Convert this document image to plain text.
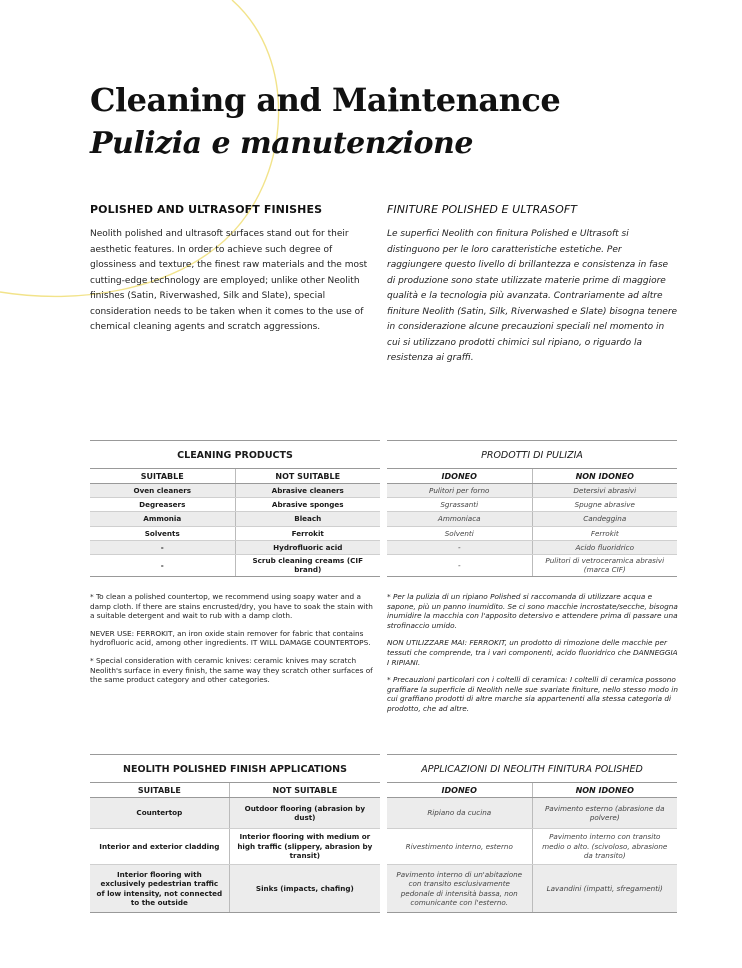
Cleaning and Maintenance
Pulizia e manutenzione
POLISHED AND ULTRASOFT FINISHES	FINITURE POLISHED E ULTRASOFT

Neolith polished and ultrasoft surfaces stand out for their aesthetic features. In order to achieve such degree of glossiness and texture, the finest raw materials and the most cutting-edge technology are employed; unlike other Neolith finishes (Satin, Riverwashed, Silk and Slate), special consideration needs to be taken when it comes to the use of chemical cleaning agents and scratch aggressions.

Le superfici Neolith con finitura Polished e Ultrasoft si distinguono per le loro caratteristiche estetiche. Per raggiungere questo livello di brillantezza e consistenza in fase di produzione sono state utilizzate materie prime di maggiore qualità e la tecnologia più avanzata. Contrariamente ad altre finiture Neolith (Satin, Silk, Riverwashed e Slate) bisogna tenere in considerazione alcune precauzioni speciali nel momento in cui si utilizzano prodotti chimici sul ripiano, o riguardo la resistenza ai graffi.

CLEANING PRODUCTS	
SUITABLE	NOT SUITABLE
Oven cleaners	Abrasive cleaners
Degreasers	Abrasive sponges
Ammonia	Bleach
Solvents	Ferrokit
-	Hydrofluoric acid
-	Scrub cleaning creams (CIF brand)
PRODOTTI DI PULIZIA	
IDONEO	NON IDONEO
Pulitori per forno	Detersivi abrasivi
Sgrassanti	Spugne abrasive
Ammoniaca	Candeggina
Solventi	Ferrokit
-	Acido fluoridrico
-	Pulitori di vetroceramica abrasivi (marca CIF)

* To clean a polished countertop, we recommend using soapy water and a damp cloth. If there are stains encrusted/dry, you have to soak the stain with a suitable detergent and wait to rub with a damp cloth.

NEVER USE: FERROKIT, an iron oxide stain remover for fabric that contains hydrofluoric acid, among other ingredients. IT WILL DAMAGE COUNTERTOPS.

* Special consideration with ceramic knives: ceramic knives may scratch Neolith's surface in every finish, the same way they scratch other surfaces of the same product category and other categories.

* Per la pulizia di un ripiano Polished si raccomanda di utilizzare acqua e sapone, più un panno inumidito. Se ci sono macchie incrostate/secche, bisogna inumidire la macchia con l'apposito detersivo e attendere prima di passare una strofinaccio umido.

NON UTILIZZARE MAI: FERROKIT, un prodotto di rimozione delle macchie per tessuti che comprende, tra i vari componenti, acido fluoridrico che DANNEGGIA I RIPIANI.

* Precauzioni particolari con i coltelli di ceramica: I coltelli di ceramica possono graffiare la superficie di Neolith nelle sue svariate finiture, nello stesso modo in cui graffiano prodotti di altre marche sia appartenenti alla stessa categoria di prodotto, che ad altre.

NEOLITH POLISHED FINISH APPLICATIONS	
SUITABLE	NOT SUITABLE
Countertop	Outdoor flooring (abrasion by dust)
Interior and exterior cladding	Interior flooring with medium or high traffic (slippery, abrasion by transit)
Interior flooring with exclusively pedestrian traffic of low intensity, not connected to the outside	Sinks (impacts, chafing)
APPLICAZIONI DI NEOLITH FINITURA POLISHED	
IDONEO	NON IDONEO
Ripiano da cucina	Pavimento esterno (abrasione da polvere)
Rivestimento interno, esterno	Pavimento interno con transito medio o alto. (scivoloso, abrasione da transito)
Pavimento interno di un'abitazione con transito esclusivamente pedonale di intensità bassa, non comunicante con l'esterno.	Lavandini (impatti, sfregamenti)
